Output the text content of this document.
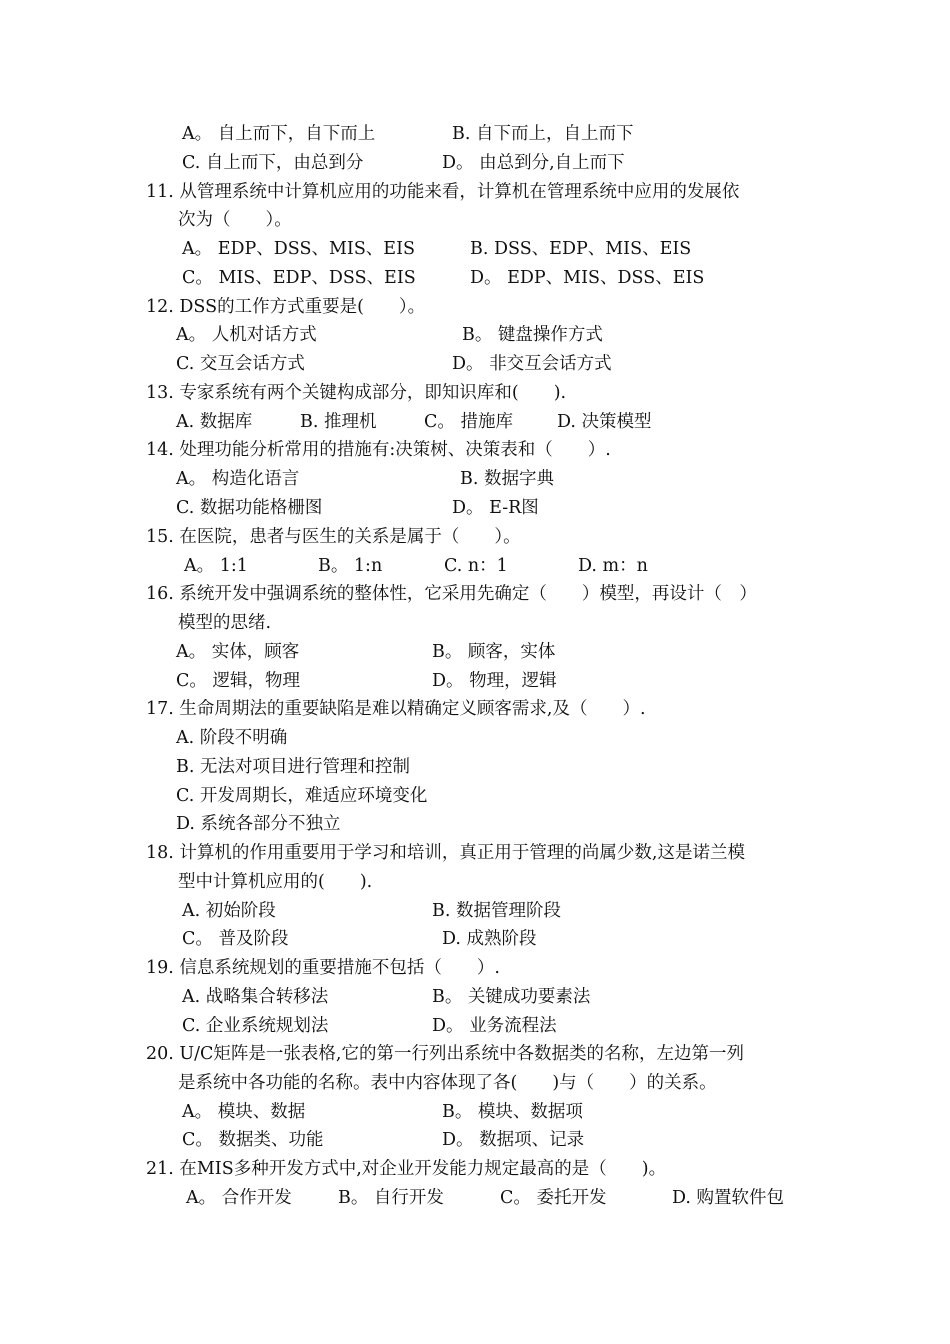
A。 自上而下，自下而上	B. 自下而上，自上而下
C. 自上而下，由总到分	D。 由总到分,自上而下
11. 从管理系统中计算机应用的功能来看，计算机在管理系统中应用的发展依
次为（　　）。
A。 EDP、DSS、MIS、EIS	B. DSS、EDP、MIS、EIS
C。 MIS、EDP、DSS、EIS	D。 EDP、MIS、DSS、EIS
12. DSS的工作方式重要是(　　）。
A。 人机对话方式	B。 键盘操作方式
C. 交互会话方式	D。 非交互会话方式
13. 专家系统有两个关键构成部分，即知识库和(　　).
A. 数据库	B. 推理机	C。 措施库	D. 决策模型
14. 处理功能分析常用的措施有:决策树、决策表和（　　）.
A。 构造化语言	B. 数据字典
C. 数据功能格栅图	D。 E-R图
15. 在医院，患者与医生的关系是属于（　　）。
A。 1:1	B。 1:n	C. n：1	D. m：n
16. 系统开发中强调系统的整体性，它采用先确定（　　）模型，再设计（　）
模型的思绪.
A。 实体，顾客	B。 顾客，实体
C。 逻辑，物理	D。 物理，逻辑
17. 生命周期法的重要缺陷是难以精确定义顾客需求,及（　　）.
A. 阶段不明确
B. 无法对项目进行管理和控制
C. 开发周期长，难适应环境变化
D. 系统各部分不独立
18. 计算机的作用重要用于学习和培训，真正用于管理的尚属少数,这是诺兰模
型中计算机应用的(　　).
A. 初始阶段	B. 数据管理阶段
C。 普及阶段	D. 成熟阶段
19. 信息系统规划的重要措施不包括（　　）.
A. 战略集合转移法	B。 关键成功要素法
C. 企业系统规划法	D。 业务流程法
20. U/C矩阵是一张表格,它的第一行列出系统中各数据类的名称，左边第一列
是系统中各功能的名称。表中内容体现了各(　　)与（　　）的关系。
A。 模块、数据	B。 模块、数据项
C。 数据类、功能	D。 数据项、记录
21. 在MIS多种开发方式中,对企业开发能力规定最高的是（　　)。
A。 合作开发	B。 自行开发	C。 委托开发	D. 购置软件包
